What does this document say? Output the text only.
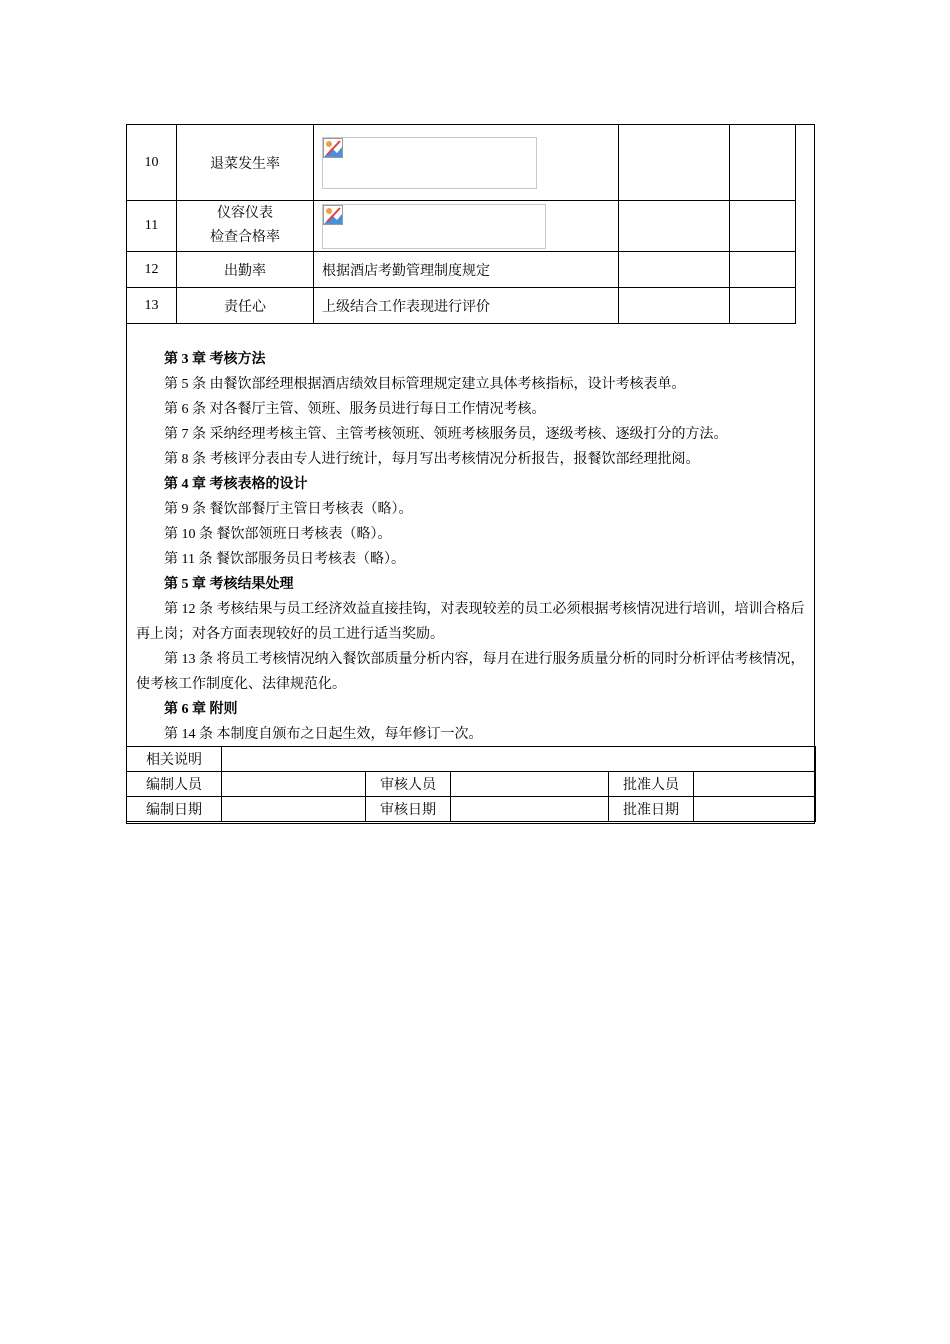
10	退菜发生率	

11	仪容仪表
检查合格率

12	出勤率	根据酒店考勤管理制度规定		
13	责任心	上级结合工作表现进行评价		

第 3 章 考核方法

第 5 条 由餐饮部经理根据酒店绩效目标管理规定建立具体考核指标，设计考核表单。

第 6 条 对各餐厅主管、领班、服务员进行每日工作情况考核。

第 7 条 采纳经理考核主管、主管考核领班、领班考核服务员，逐级考核、逐级打分的方法。

第 8 条 考核评分表由专人进行统计，每月写出考核情况分析报告，报餐饮部经理批阅。

第 4 章 考核表格的设计

第 9 条 餐饮部餐厅主管日考核表（略）。

第 10 条 餐饮部领班日考核表（略）。

第 11 条 餐饮部服务员日考核表（略）。

第 5 章 考核结果处理

第 12 条 考核结果与员工经济效益直接挂钩，对表现较差的员工必须根据考核情况进行培训，培训合格后再上岗；对各方面表现较好的员工进行适当奖励。

第 13 条 将员工考核情况纳入餐饮部质量分析内容，每月在进行服务质量分析的同时分析评估考核情况，使考核工作制度化、法律规范化。

第 6 章 附则

第 14 条 本制度自颁布之日起生效，每年修订一次。

相关说明					
编制人员		审核人员		批准人员	
编制日期		审核日期		批准日期	
